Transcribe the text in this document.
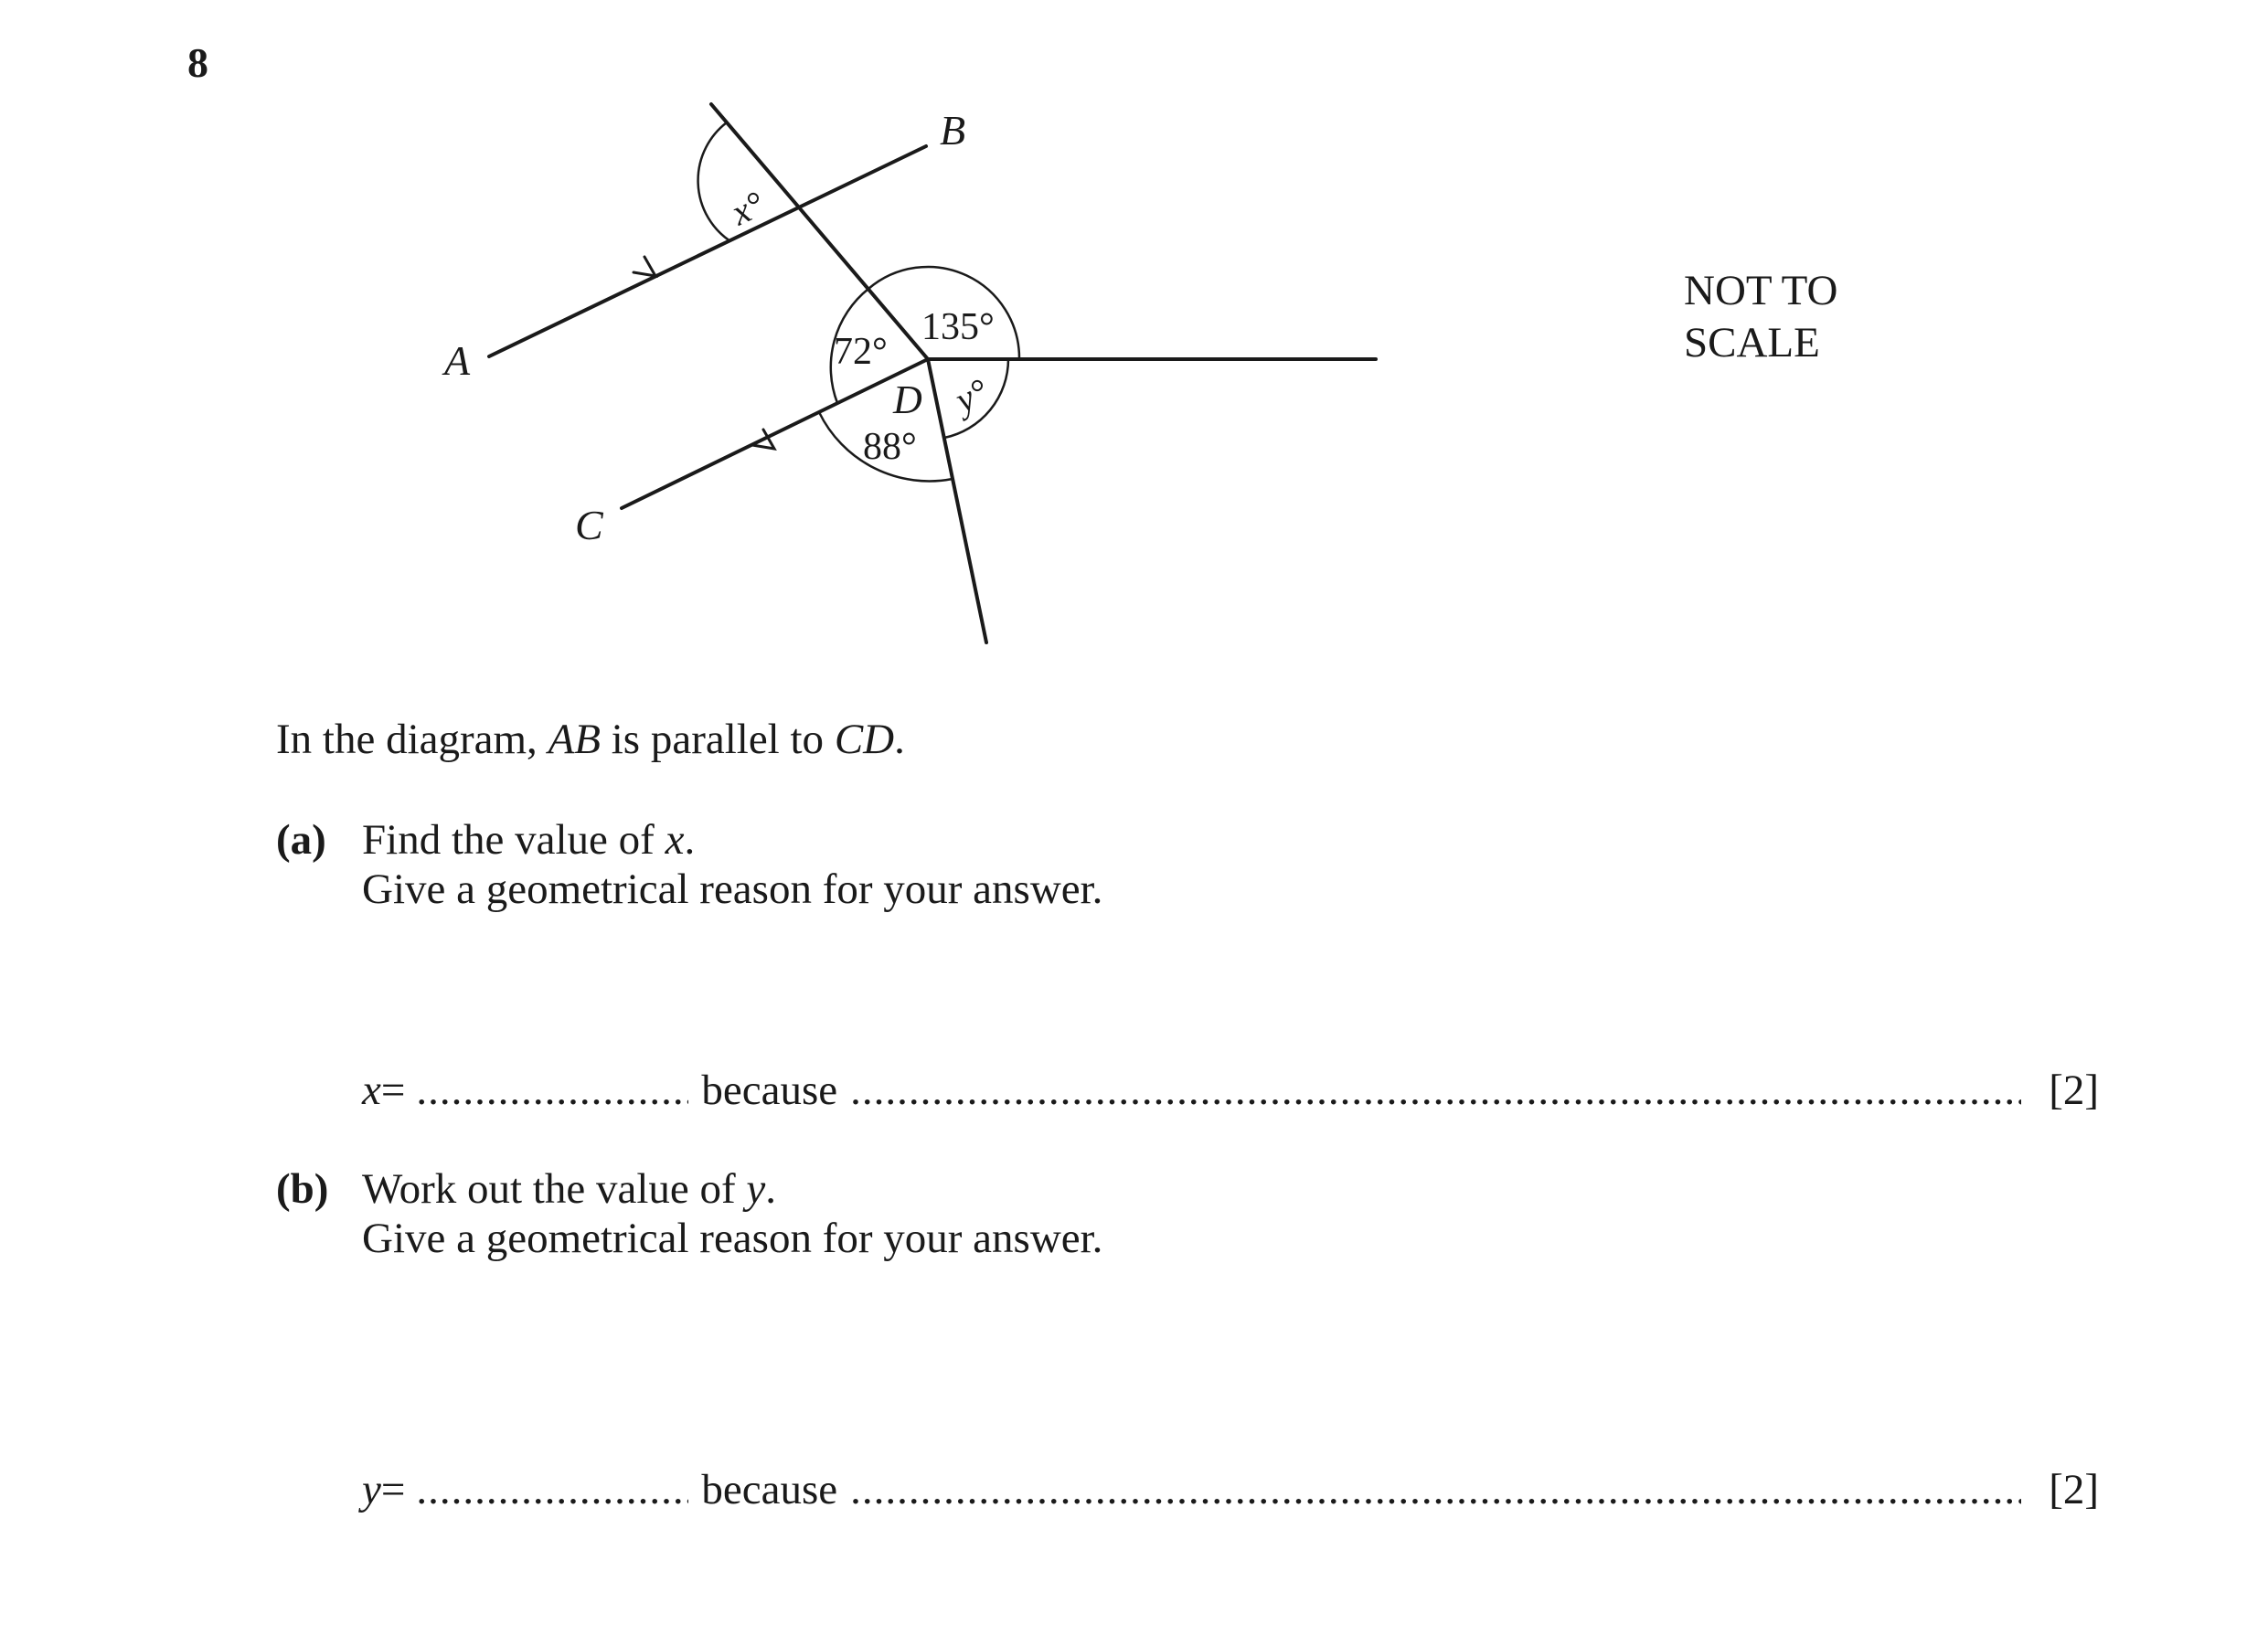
8
B
A
C
D
x°
72°
135°
y°
88°
NOT TO
SCALE
In the diagram, AB is parallel to CD.
(a) Find the value of x.
Give a geometrical reason for your answer.
x = .....	because .....	[2]
(b) Work out the value of y.
Give a geometrical reason for your answer.
y = .....	because .....	[2]
